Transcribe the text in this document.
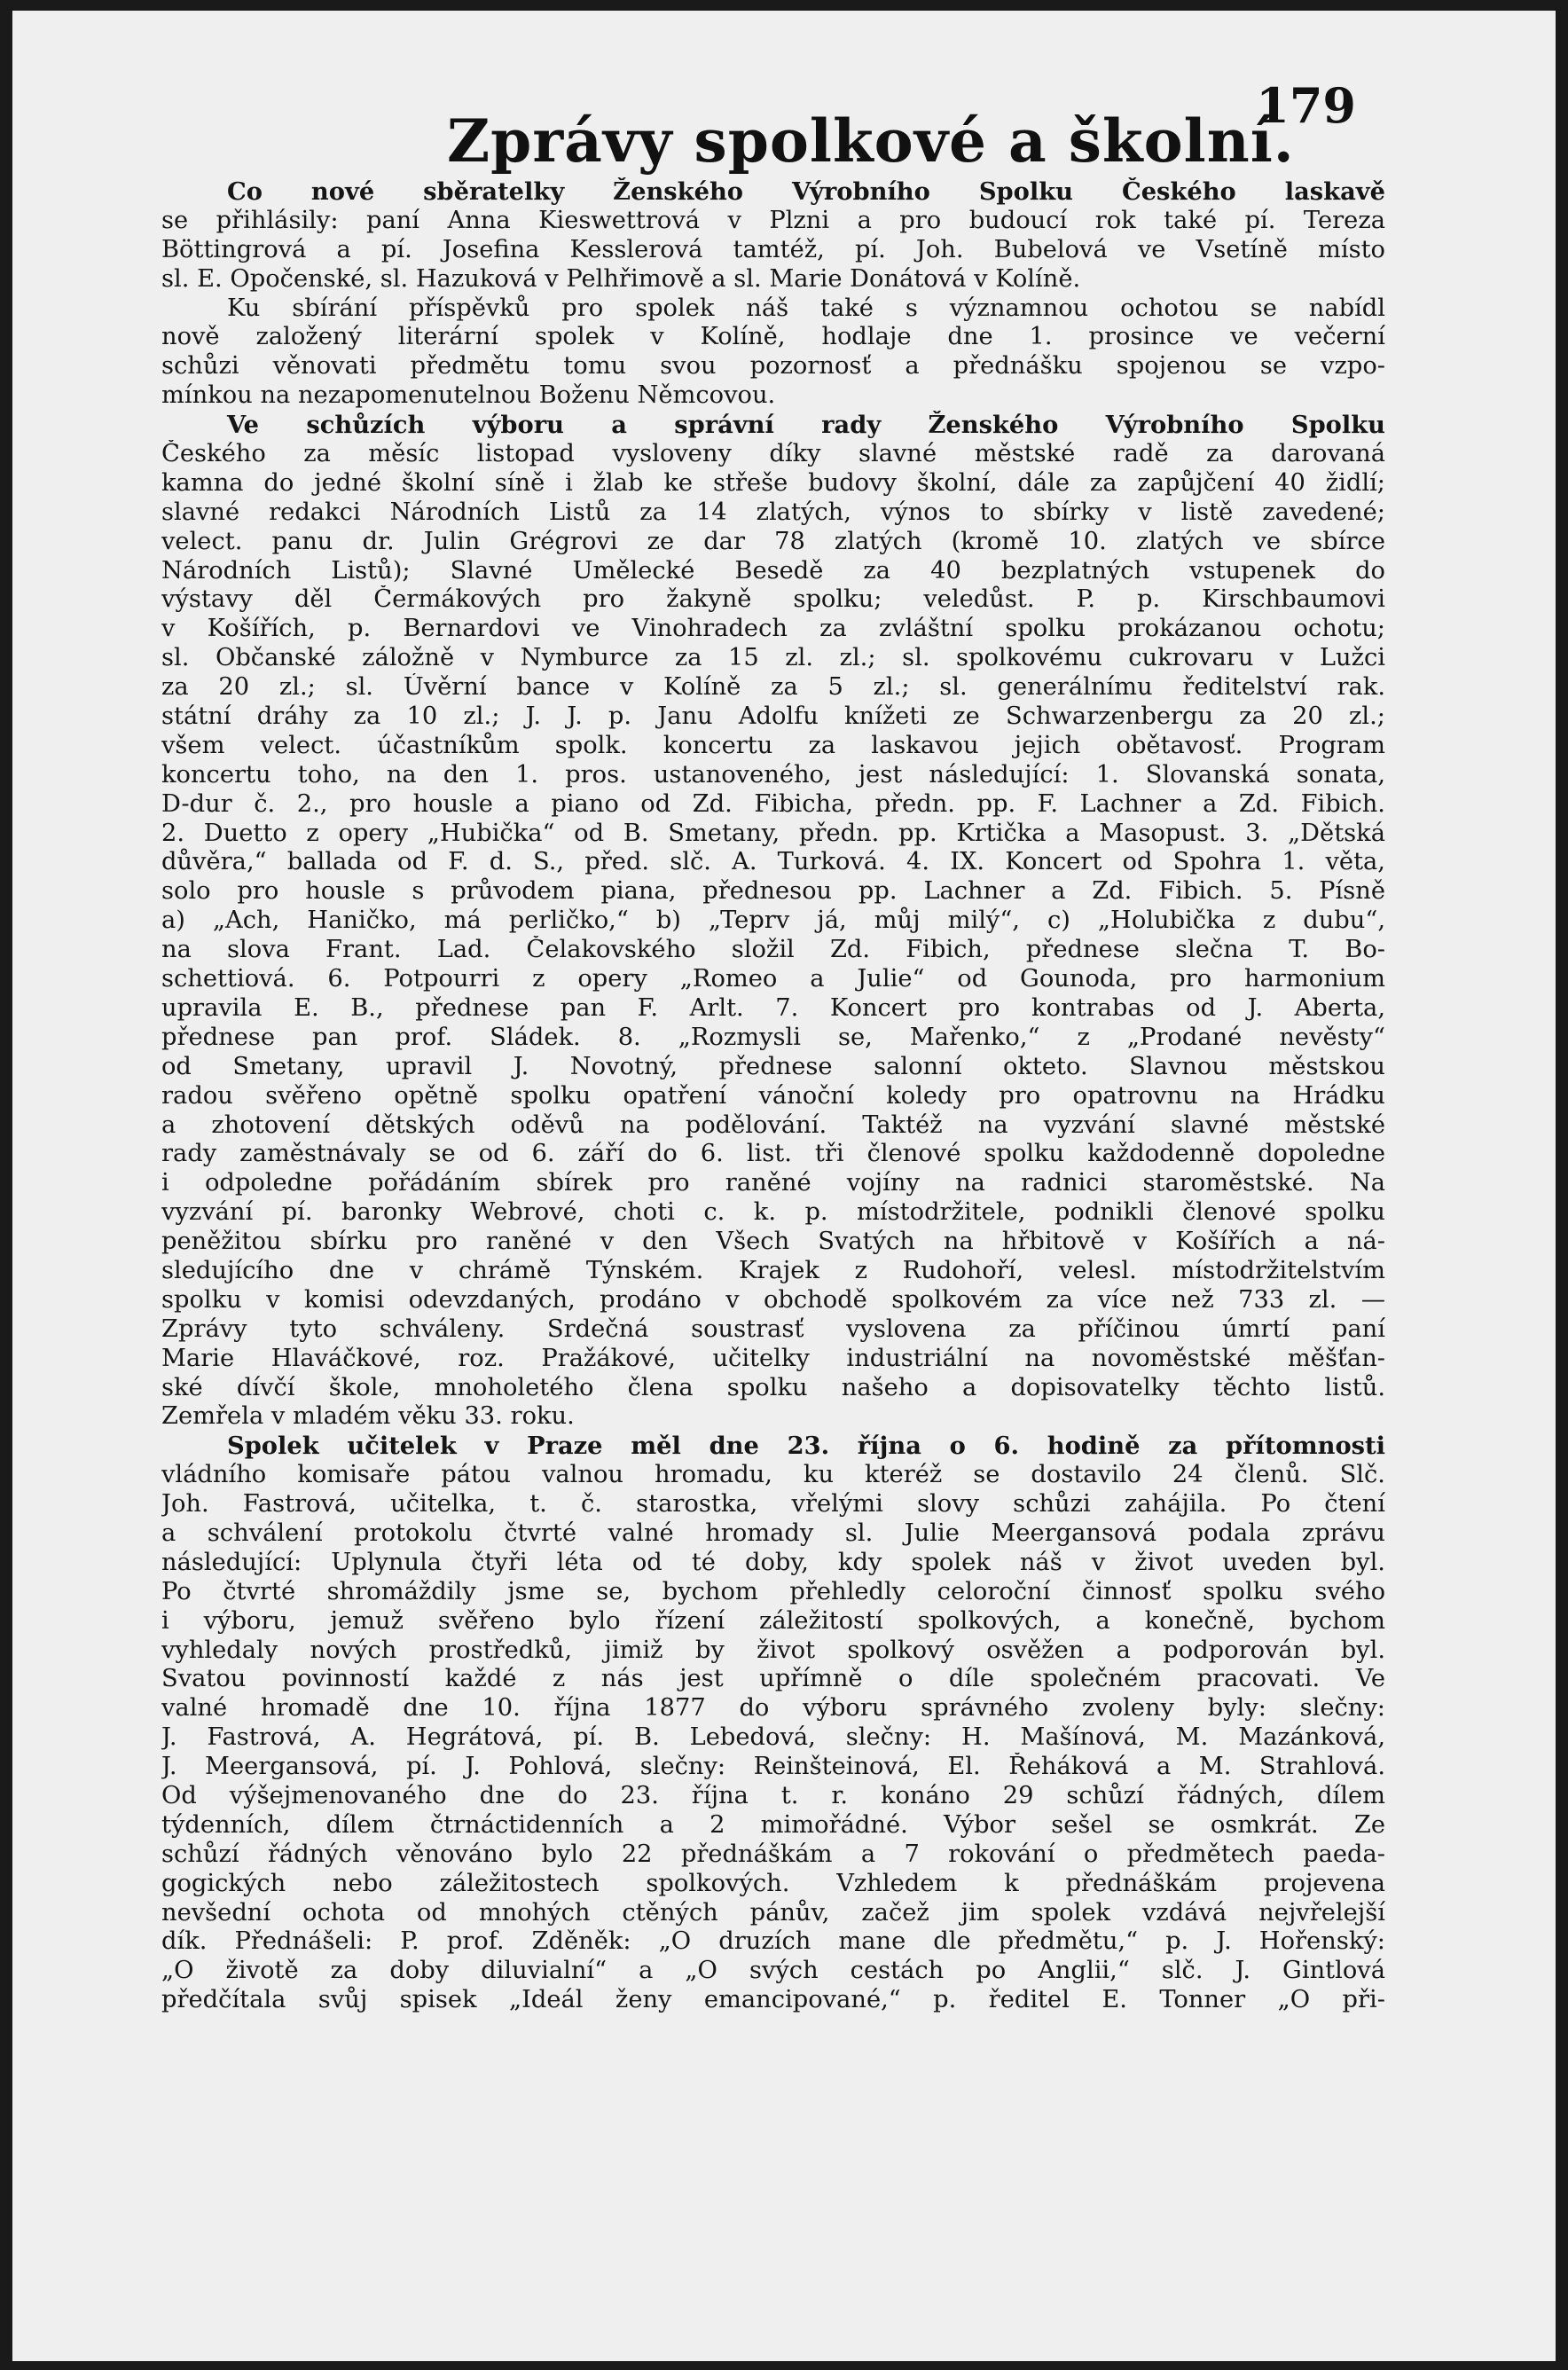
179
Zprávy spolkové a školní.
Co nové sběratelky Ženského Výrobního Spolku Českého laskavě
se přihlásily: paní Anna Kieswettrová v Plzni a pro budoucí rok také pí. Tereza
Böttingrová a pí. Josefina Kesslerová tamtéž, pí. Joh. Bubelová ve Vsetíně místo
sl. E. Opočenské, sl. Hazuková v Pelhřimově a sl. Marie Donátová v Kolíně.
Ku sbírání příspěvků pro spolek náš také s významnou ochotou se nabídl
nově založený literární spolek v Kolíně, hodlaje dne 1. prosince ve večerní
schůzi věnovati předmětu tomu svou pozornosť a přednášku spojenou se vzpo-
mínkou na nezapomenutelnou Boženu Němcovou.
Ve schůzích výboru a správní rady Ženského Výrobního Spolku
Českého za měsíc listopad vysloveny díky slavné městské radě za darovaná
kamna do jedné školní síně i žlab ke střeše budovy školní, dále za zapůjčení 40 židlí;
slavné redakci Národních Listů za 14 zlatých, výnos to sbírky v listě zavedené;
velect. panu dr. Julin Grégrovi ze dar 78 zlatých (kromě 10. zlatých ve sbírce
Národních Listů); Slavné Umělecké Besedě za 40 bezplatných vstupenek do
výstavy děl Čermákových pro žakyně spolku; veledůst. P. p. Kirschbaumovi
v Košířích, p. Bernardovi ve Vinohradech za zvláštní spolku prokázanou ochotu;
sl. Občanské záložně v Nymburce za 15 zl. zl.; sl. spolkovému cukrovaru v Lužci
za 20 zl.; sl. Úvěrní bance v Kolíně za 5 zl.; sl. generálnímu ředitelství rak.
státní dráhy za 10 zl.; J. J. p. Janu Adolfu knížeti ze Schwarzenbergu za 20 zl.;
všem velect. účastníkům spolk. koncertu za laskavou jejich obětavosť. Program
koncertu toho, na den 1. pros. ustanoveného, jest následující: 1. Slovanská sonata,
D-dur č. 2., pro housle a piano od Zd. Fibicha, předn. pp. F. Lachner a Zd. Fibich.
2. Duetto z opery „Hubička“ od B. Smetany, předn. pp. Krtička a Masopust. 3. „Dětská
důvěra,“ ballada od F. d. S., před. slč. A. Turková. 4. IX. Koncert od Spohra 1. věta,
solo pro housle s průvodem piana, přednesou pp. Lachner a Zd. Fibich. 5. Písně
a) „Ach, Haničko, má perličko,“ b) „Teprv já, můj milý“, c) „Holubička z dubu“,
na slova Frant. Lad. Čelakovského složil Zd. Fibich, přednese slečna T. Bo-
schettiová. 6. Potpourri z opery „Romeo a Julie“ od Gounoda, pro harmonium
upravila E. B., přednese pan F. Arlt. 7. Koncert pro kontrabas od J. Aberta,
přednese pan prof. Sládek. 8. „Rozmysli se, Mařenko,“ z „Prodané nevěsty“
od Smetany, upravil J. Novotný, přednese salonní okteto. Slavnou městskou
radou svěřeno opětně spolku opatření vánoční koledy pro opatrovnu na Hrádku
a zhotovení dětských oděvů na podělování. Taktéž na vyzvání slavné městské
rady zaměstnávaly se od 6. září do 6. list. tři členové spolku každodenně dopoledne
i odpoledne pořádáním sbírek pro raněné vojíny na radnici staroměstské. Na
vyzvání pí. baronky Webrové, choti c. k. p. místodržitele, podnikli členové spolku
peněžitou sbírku pro raněné v den Všech Svatých na hřbitově v Košířích a ná-
sledujícího dne v chrámě Týnském. Krajek z Rudohoří, velesl. místodržitelstvím
spolku v komisi odevzdaných, prodáno v obchodě spolkovém za více než 733 zl. —
Zprávy tyto schváleny. Srdečná soustrasť vyslovena za příčinou úmrtí paní
Marie Hlaváčkové, roz. Pražákové, učitelky industriální na novoměstské měšťan-
ské dívčí škole, mnoholetého člena spolku našeho a dopisovatelky těchto listů.
Zemřela v mladém věku 33. roku.
Spolek učitelek v Praze měl dne 23. října o 6. hodině za přítomnosti
vládního komisaře pátou valnou hromadu, ku kteréž se dostavilo 24 členů. Slč.
Joh. Fastrová, učitelka, t. č. starostka, vřelými slovy schůzi zahájila. Po čtení
a schválení protokolu čtvrté valné hromady sl. Julie Meergansová podala zprávu
následující: Uplynula čtyři léta od té doby, kdy spolek náš v život uveden byl.
Po čtvrté shromáždily jsme se, bychom přehledly celoroční činnosť spolku svého
i výboru, jemuž svěřeno bylo řízení záležitostí spolkových, a konečně, bychom
vyhledaly nových prostředků, jimiž by život spolkový osvěžen a podporován byl.
Svatou povinností každé z nás jest upřímně o díle společném pracovati. Ve
valné hromadě dne 10. října 1877 do výboru správného zvoleny byly: slečny:
J. Fastrová, A. Hegrátová, pí. B. Lebedová, slečny: H. Mašínová, M. Mazánková,
J. Meergansová, pí. J. Pohlová, slečny: Reinšteinová, El. Řeháková a M. Strahlová.
Od výšejmenovaného dne do 23. října t. r. konáno 29 schůzí řádných, dílem
týdenních, dílem čtrnáctidenních a 2 mimořádné. Výbor sešel se osmkrát. Ze
schůzí řádných věnováno bylo 22 přednáškám a 7 rokování o předmětech paeda-
gogických nebo záležitostech spolkových. Vzhledem k přednáškám projevena
nevšední ochota od mnohých ctěných pánův, začež jim spolek vzdává nejvřelejší
dík. Přednášeli: P. prof. Zděněk: „O druzích mane dle předmětu,“ p. J. Hořenský:
„O životě za doby diluvialní“ a „O svých cestách po Anglii,“ slč. J. Gintlová
předčítala svůj spisek „Ideál ženy emancipované,“ p. ředitel E. Tonner „O při-
